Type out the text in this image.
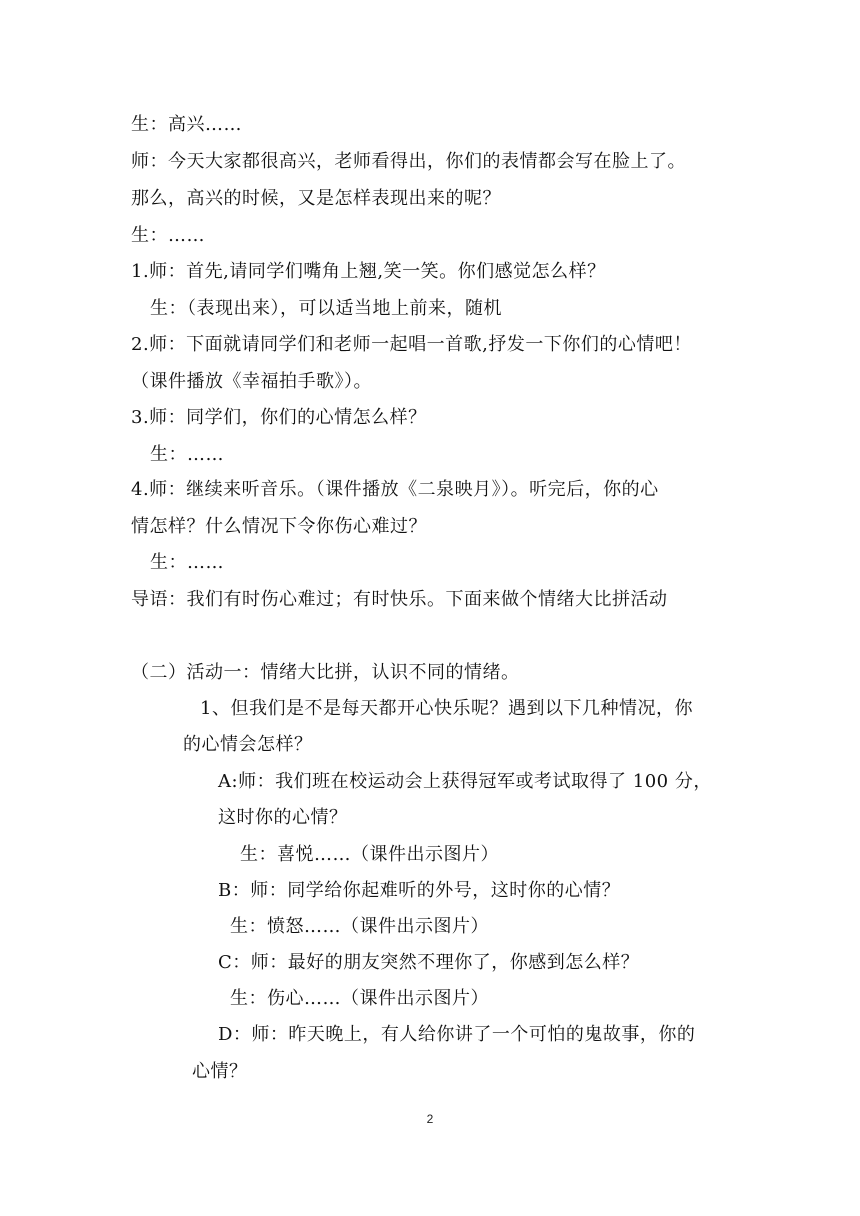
生：高兴……
师：今天大家都很高兴，老师看得出，你们的表情都会写在脸上了。
那么，高兴的时候，又是怎样表现出来的呢？
生：……
1.师：首先,请同学们嘴角上翘,笑一笑。你们感觉怎么样？
生：（表现出来），可以适当地上前来，随机
2.师：下面就请同学们和老师一起唱一首歌,抒发一下你们的心情吧！
（课件播放《幸福拍手歌》）。
3.师：同学们，你们的心情怎么样？
生：……
4.师：继续来听音乐。（课件播放《二泉映月》）。听完后，你的心
情怎样？什么情况下令你伤心难过？
生：……
导语：我们有时伤心难过；有时快乐。下面来做个情绪大比拼活动
（二）活动一：情绪大比拼，认识不同的情绪。
1、但我们是不是每天都开心快乐呢？遇到以下几种情况，你
的心情会怎样？
A:师：我们班在校运动会上获得冠军或考试取得了 100 分，
这时你的心情？
生：喜悦……（课件出示图片）
B：师：同学给你起难听的外号，这时你的心情？
生：愤怒……（课件出示图片）
C：师：最好的朋友突然不理你了，你感到怎么样？
生：伤心……（课件出示图片）
D：师：昨天晚上，有人给你讲了一个可怕的鬼故事，你的
心情？
2
